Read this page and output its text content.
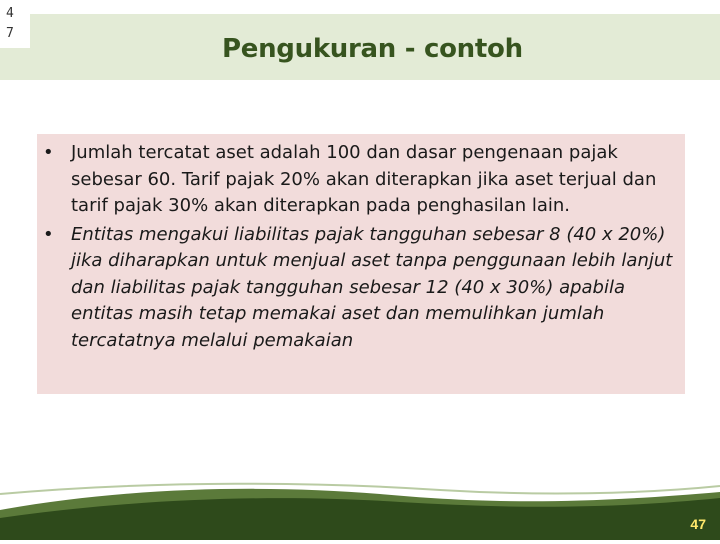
4 7
Pengukuran - contoh
• Jumlah tercatat aset adalah 100 dan dasar pengenaan pajak sebesar 60. Tarif pajak 20% akan diterapkan jika aset terjual dan tarif pajak 30% akan diterapkan pada penghasilan lain.
• Entitas mengakui liabilitas pajak tangguhan sebesar 8 (40 x 20%) jika diharapkan untuk menjual aset tanpa penggunaan lebih lanjut dan liabilitas pajak tangguhan sebesar 12 (40 x 30%) apabila entitas masih tetap memakai aset dan memulihkan jumlah tercatatnya melalui pemakaian
47
